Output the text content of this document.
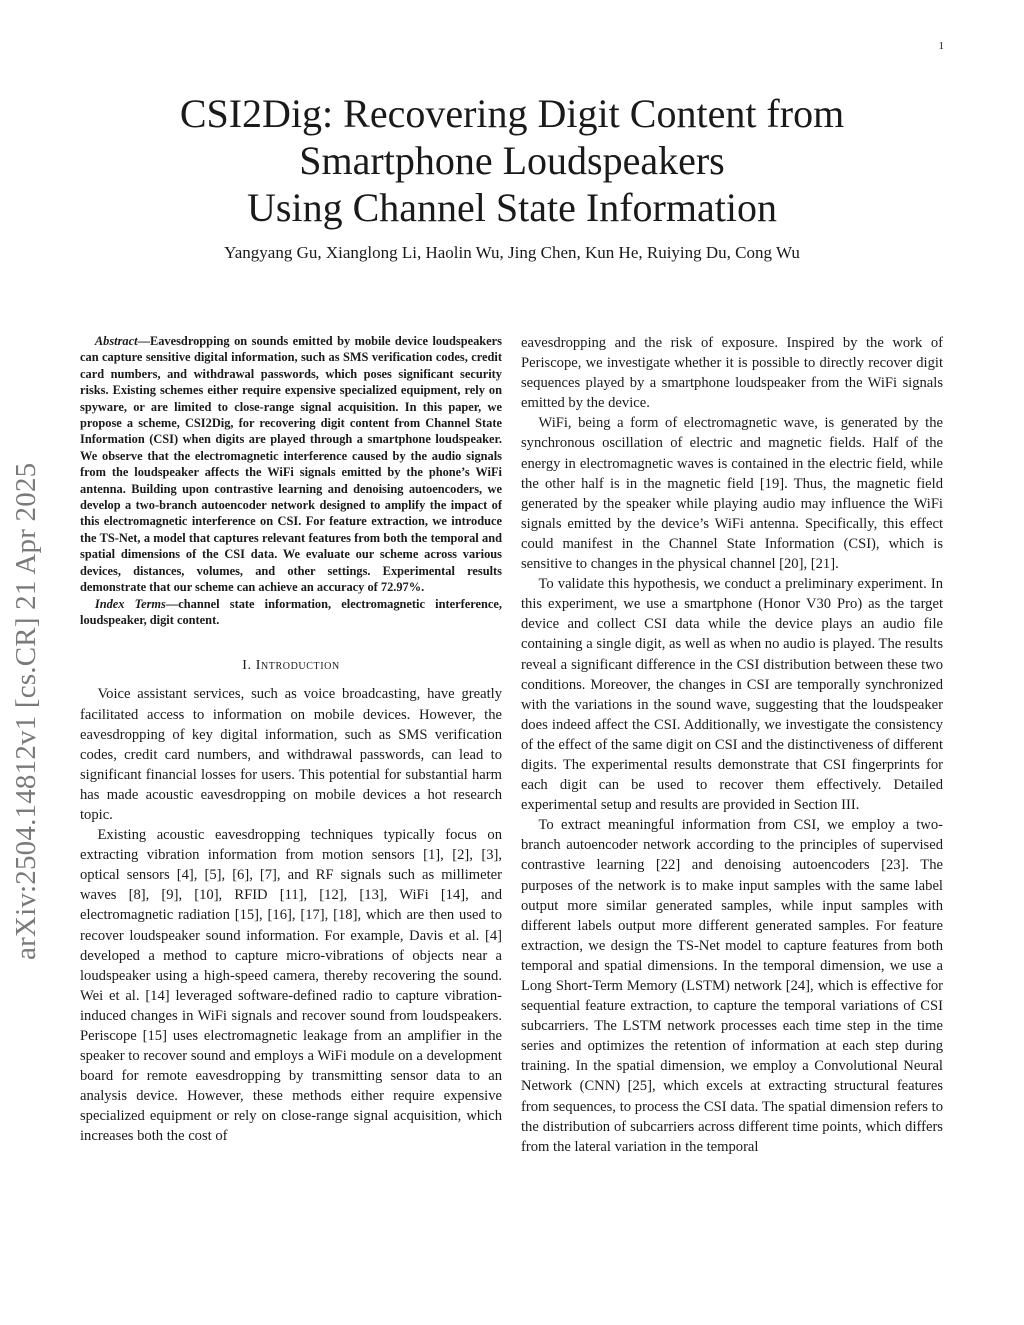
1
arXiv:2504.14812v1 [cs.CR] 21 Apr 2025
CSI2Dig: Recovering Digit Content from
Smartphone Loudspeakers
Using Channel State Information
Yangyang Gu, Xianglong Li, Haolin Wu, Jing Chen, Kun He, Ruiying Du, Cong Wu

Abstract—Eavesdropping on sounds emitted by mobile device loudspeakers can capture sensitive digital information, such as SMS verification codes, credit card numbers, and withdrawal passwords, which poses significant security risks. Existing schemes either require expensive specialized equipment, rely on spyware, or are limited to close-range signal acquisition. In this paper, we propose a scheme, CSI2Dig, for recovering digit content from Channel State Information (CSI) when digits are played through a smartphone loudspeaker. We observe that the electromagnetic interference caused by the audio signals from the loudspeaker affects the WiFi signals emitted by the phone’s WiFi antenna. Building upon contrastive learning and denoising autoencoders, we develop a two-branch autoencoder network designed to amplify the impact of this electromagnetic interference on CSI. For feature extraction, we introduce the TS-Net, a model that captures relevant features from both the temporal and spatial dimensions of the CSI data. We evaluate our scheme across various devices, distances, volumes, and other settings. Experimental results demonstrate that our scheme can achieve an accuracy of 72.97%.

Index Terms—channel state information, electromagnetic interference, loudspeaker, digit content.

I. Introduction

Voice assistant services, such as voice broadcasting, have greatly facilitated access to information on mobile devices. However, the eavesdropping of key digital information, such as SMS verification codes, credit card numbers, and withdrawal passwords, can lead to significant financial losses for users. This potential for substantial harm has made acoustic eavesdropping on mobile devices a hot research topic.

Existing acoustic eavesdropping techniques typically focus on extracting vibration information from motion sensors [1], [2], [3], optical sensors [4], [5], [6], [7], and RF signals such as millimeter waves [8], [9], [10], RFID [11], [12], [13], WiFi [14], and electromagnetic radiation [15], [16], [17], [18], which are then used to recover loudspeaker sound information. For example, Davis et al. [4] developed a method to capture micro-vibrations of objects near a loudspeaker using a high-speed camera, thereby recovering the sound. Wei et al. [14] leveraged software-defined radio to capture vibration-induced changes in WiFi signals and recover sound from loudspeakers. Periscope [15] uses electromagnetic leakage from an amplifier in the speaker to recover sound and employs a WiFi module on a development board for remote eavesdropping by transmitting sensor data to an analysis device. However, these methods either require expensive specialized equipment or rely on close-range signal acquisition, which increases both the cost of

eavesdropping and the risk of exposure. Inspired by the work of Periscope, we investigate whether it is possible to directly recover digit sequences played by a smartphone loudspeaker from the WiFi signals emitted by the device.

WiFi, being a form of electromagnetic wave, is generated by the synchronous oscillation of electric and magnetic fields. Half of the energy in electromagnetic waves is contained in the electric field, while the other half is in the magnetic field [19]. Thus, the magnetic field generated by the speaker while playing audio may influence the WiFi signals emitted by the device’s WiFi antenna. Specifically, this effect could manifest in the Channel State Information (CSI), which is sensitive to changes in the physical channel [20], [21].

To validate this hypothesis, we conduct a preliminary experiment. In this experiment, we use a smartphone (Honor V30 Pro) as the target device and collect CSI data while the device plays an audio file containing a single digit, as well as when no audio is played. The results reveal a significant difference in the CSI distribution between these two conditions. Moreover, the changes in CSI are temporally synchronized with the variations in the sound wave, suggesting that the loudspeaker does indeed affect the CSI. Additionally, we investigate the consistency of the effect of the same digit on CSI and the distinctiveness of different digits. The experimental results demonstrate that CSI fingerprints for each digit can be used to recover them effectively. Detailed experimental setup and results are provided in Section III.

To extract meaningful information from CSI, we employ a two-branch autoencoder network according to the principles of supervised contrastive learning [22] and denoising autoencoders [23]. The purposes of the network is to make input samples with the same label output more similar generated samples, while input samples with different labels output more different generated samples. For feature extraction, we design the TS-Net model to capture features from both temporal and spatial dimensions. In the temporal dimension, we use a Long Short-Term Memory (LSTM) network [24], which is effective for sequential feature extraction, to capture the temporal variations of CSI subcarriers. The LSTM network processes each time step in the time series and optimizes the retention of information at each step during training. In the spatial dimension, we employ a Convolutional Neural Network (CNN) [25], which excels at extracting structural features from sequences, to process the CSI data. The spatial dimension refers to the distribution of subcarriers across different time points, which differs from the lateral variation in the temporal
